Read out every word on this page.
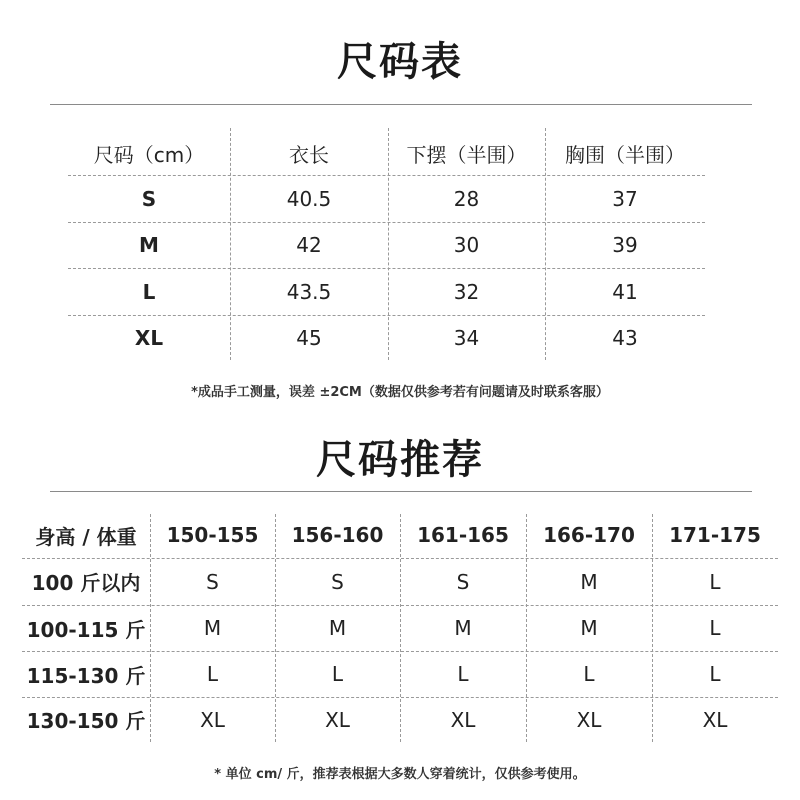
尺码表
尺码（cm）	衣长	下摆（半围）	胸围（半围）
S	40.5	28	37
M	42	30	39
L	43.5	32	41
XL	45	34	43
*成品手工测量，误差 ±2CM（数据仅供参考若有问题请及时联系客服）
尺码推荐
身高 / 体重	150-155	156-160	161-165	166-170	171-175
100 斤以内	S	S	S	M	L
100-115 斤	M	M	M	M	L
115-130 斤	L	L	L	L	L
130-150 斤	XL	XL	XL	XL	XL
* 单位 cm/ 斤，推荐表根据大多数人穿着统计，仅供参考使用。
